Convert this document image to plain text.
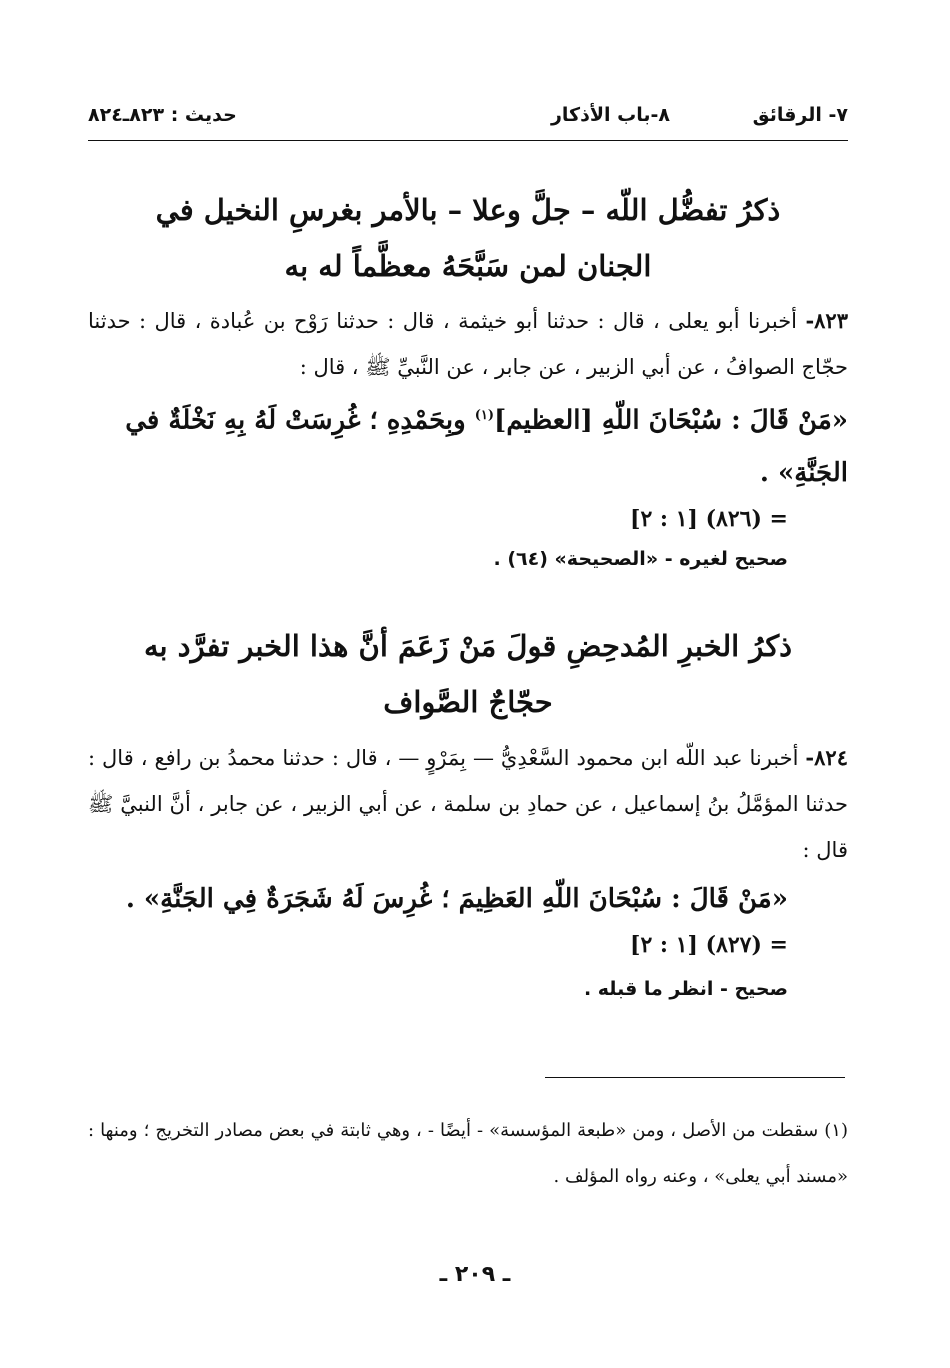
٧- الرقائق
٨-باب الأذكار
حديث : ٨٢٣ـ٨٢٤
ذكرُ تفضُّل اللّه – جلَّ وعلا – بالأمر بغرسِ النخيل في
الجنان لمن سَبَّحَهُ معظَّماً له به
٨٢٣- أخبرنا أبو يعلى ، قال : حدثنا أبو خيثمة ، قال : حدثنا رَوْح بن عُبادة ، قال : حدثنا حجّاج الصوافُ ، عن أبي الزبير ، عن جابر ، عن النَّبيِّ ﷺ ، قال :
«مَنْ قَالَ : سُبْحَانَ اللّهِ [العظيم]$^{(١)}$ وبِحَمْدِهِ ؛ غُرِسَتْ لَهُ بِهِ نَخْلَةٌ في الجَنَّةِ» .
= (٨٢٦) [١ : ٢]
صحيح لغيره - «الصحيحة» (٦٤) .
ذكرُ الخبرِ المُدحِضِ قولَ مَنْ زَعَمَ أنَّ هذا الخبر تفرَّد به
حجّاجٌ الصَّواف
٨٢٤- أخبرنا عبد اللّه ابن محمود السَّعْدِيُّ — بِمَرْوٍ — ، قال : حدثنا محمدُ بن رافع ، قال : حدثنا المؤمَّلُ بنُ إسماعيل ، عن حمادِ بن سلمة ، عن أبي الزبير ، عن جابر ، أنَّ النبيَّ ﷺ قال :
«مَنْ قَالَ : سُبْحَانَ اللّهِ العَظِيمَ ؛ غُرِسَ لَهُ شَجَرَةٌ فِي الجَنَّةِ» .
= (٨٢٧) [١ : ٢]
صحيح - انظر ما قبله .
(١) سقطت من الأصل ، ومن «طبعة المؤسسة» - أيضًا - ، وهي ثابتة في بعض مصادر التخريج ؛ ومنها : «مسند أبي يعلى» ، وعنه رواه المؤلف .
ـ ٢٠٩ ـ
